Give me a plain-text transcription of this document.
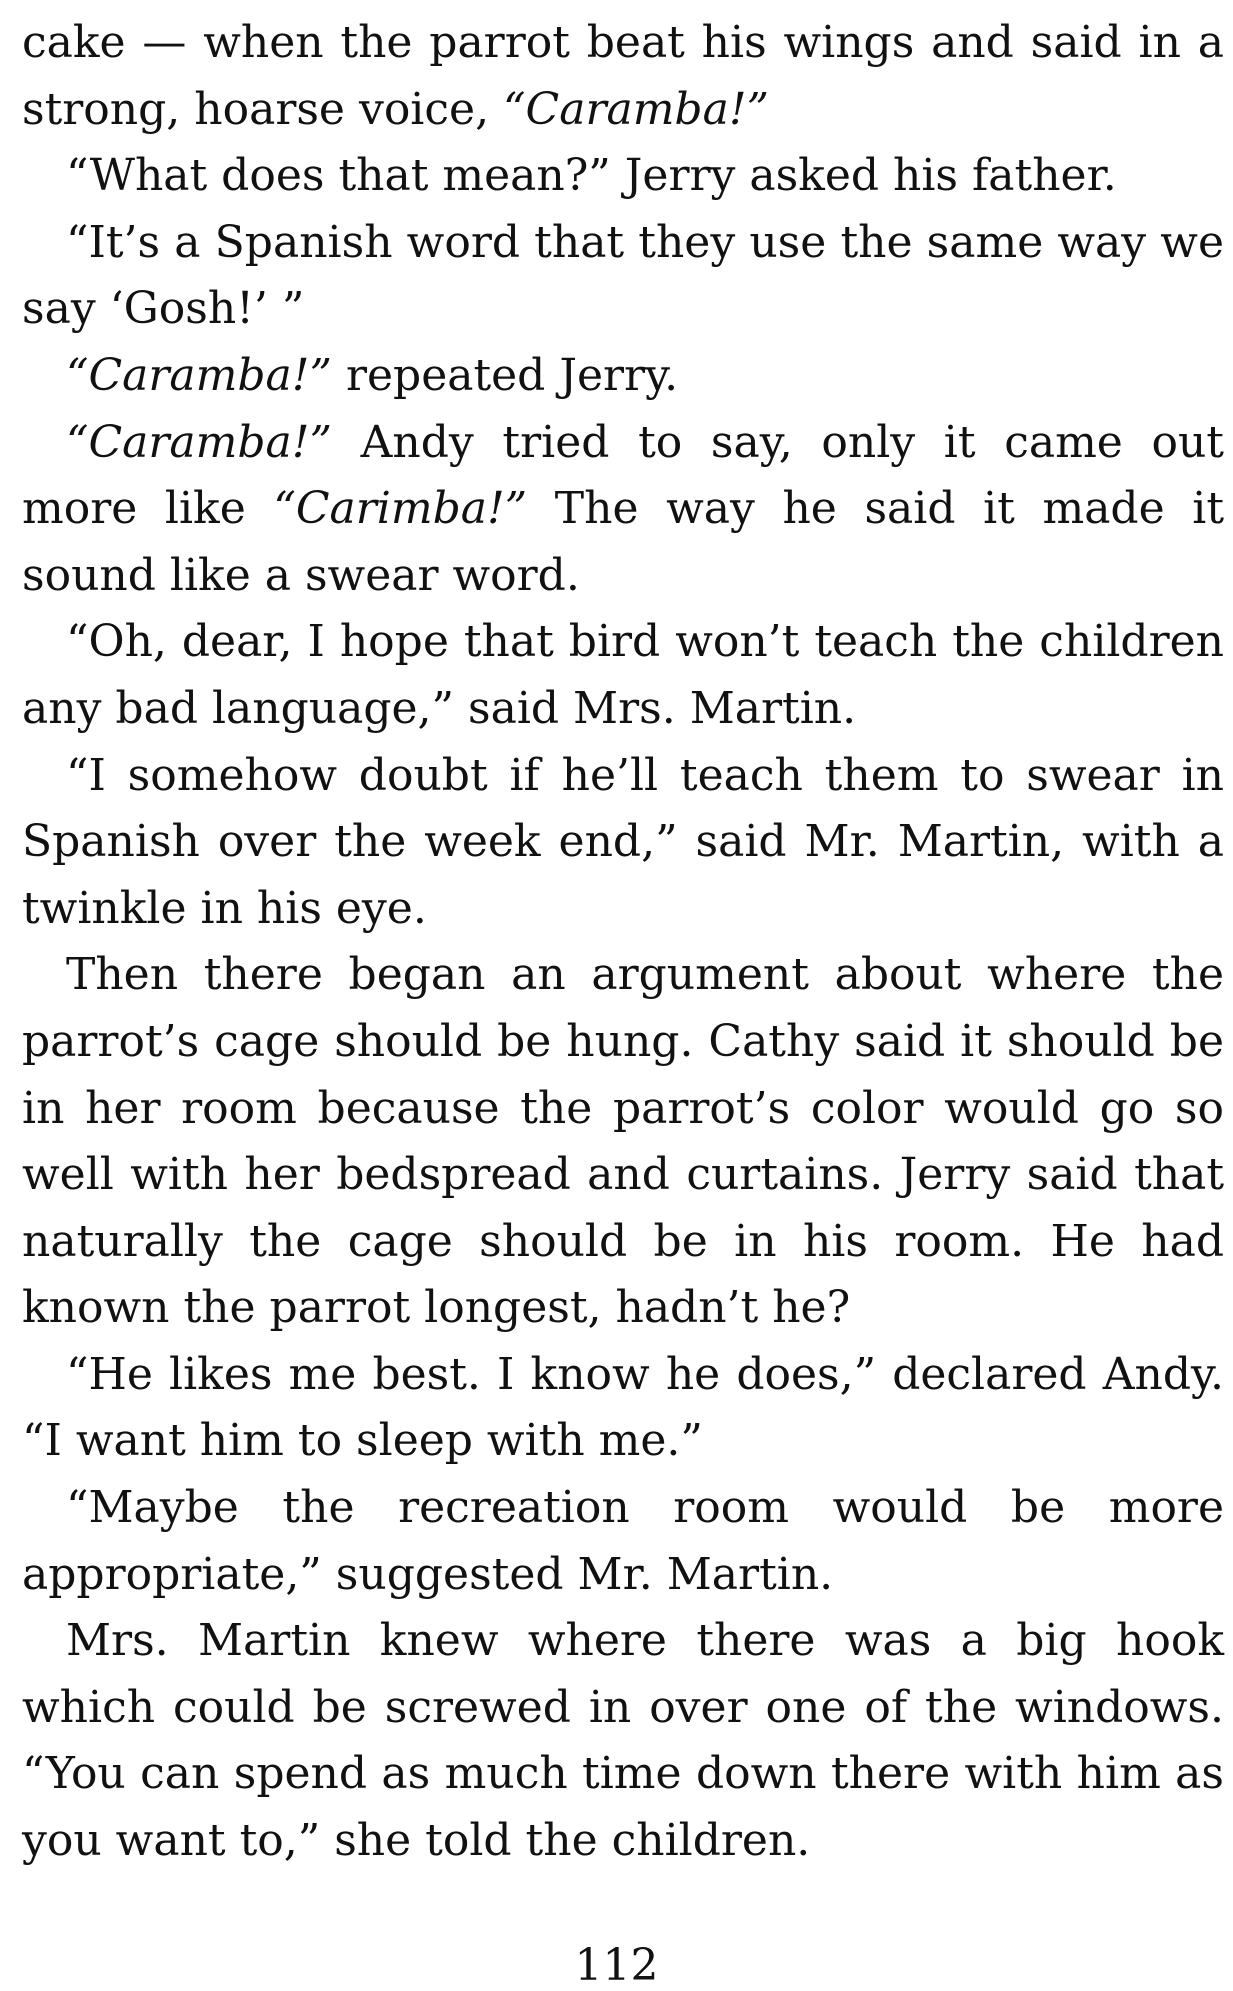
cake — when the parrot beat his wings and said in a strong, hoarse voice, “Caramba!”

“What does that mean?” Jerry asked his father.

“It’s a Spanish word that they use the same way we say ‘Gosh!’ ”

“Caramba!” repeated Jerry.

“Caramba!” Andy tried to say, only it came out more like “Carimba!” The way he said it made it sound like a swear word.

“Oh, dear, I hope that bird won’t teach the children any bad language,” said Mrs. Martin.

“I somehow doubt if he’ll teach them to swear in Spanish over the week end,” said Mr. Martin, with a twinkle in his eye.

Then there began an argument about where the parrot’s cage should be hung. Cathy said it should be in her room because the parrot’s color would go so well with her bedspread and curtains. Jerry said that naturally the cage should be in his room. He had known the parrot longest, hadn’t he?

“He likes me best. I know he does,” declared Andy. “I want him to sleep with me.”

“Maybe the recreation room would be more appropriate,” suggested Mr. Martin.

Mrs. Martin knew where there was a big hook which could be screwed in over one of the windows. “You can spend as much time down there with him as you want to,” she told the children.

112
